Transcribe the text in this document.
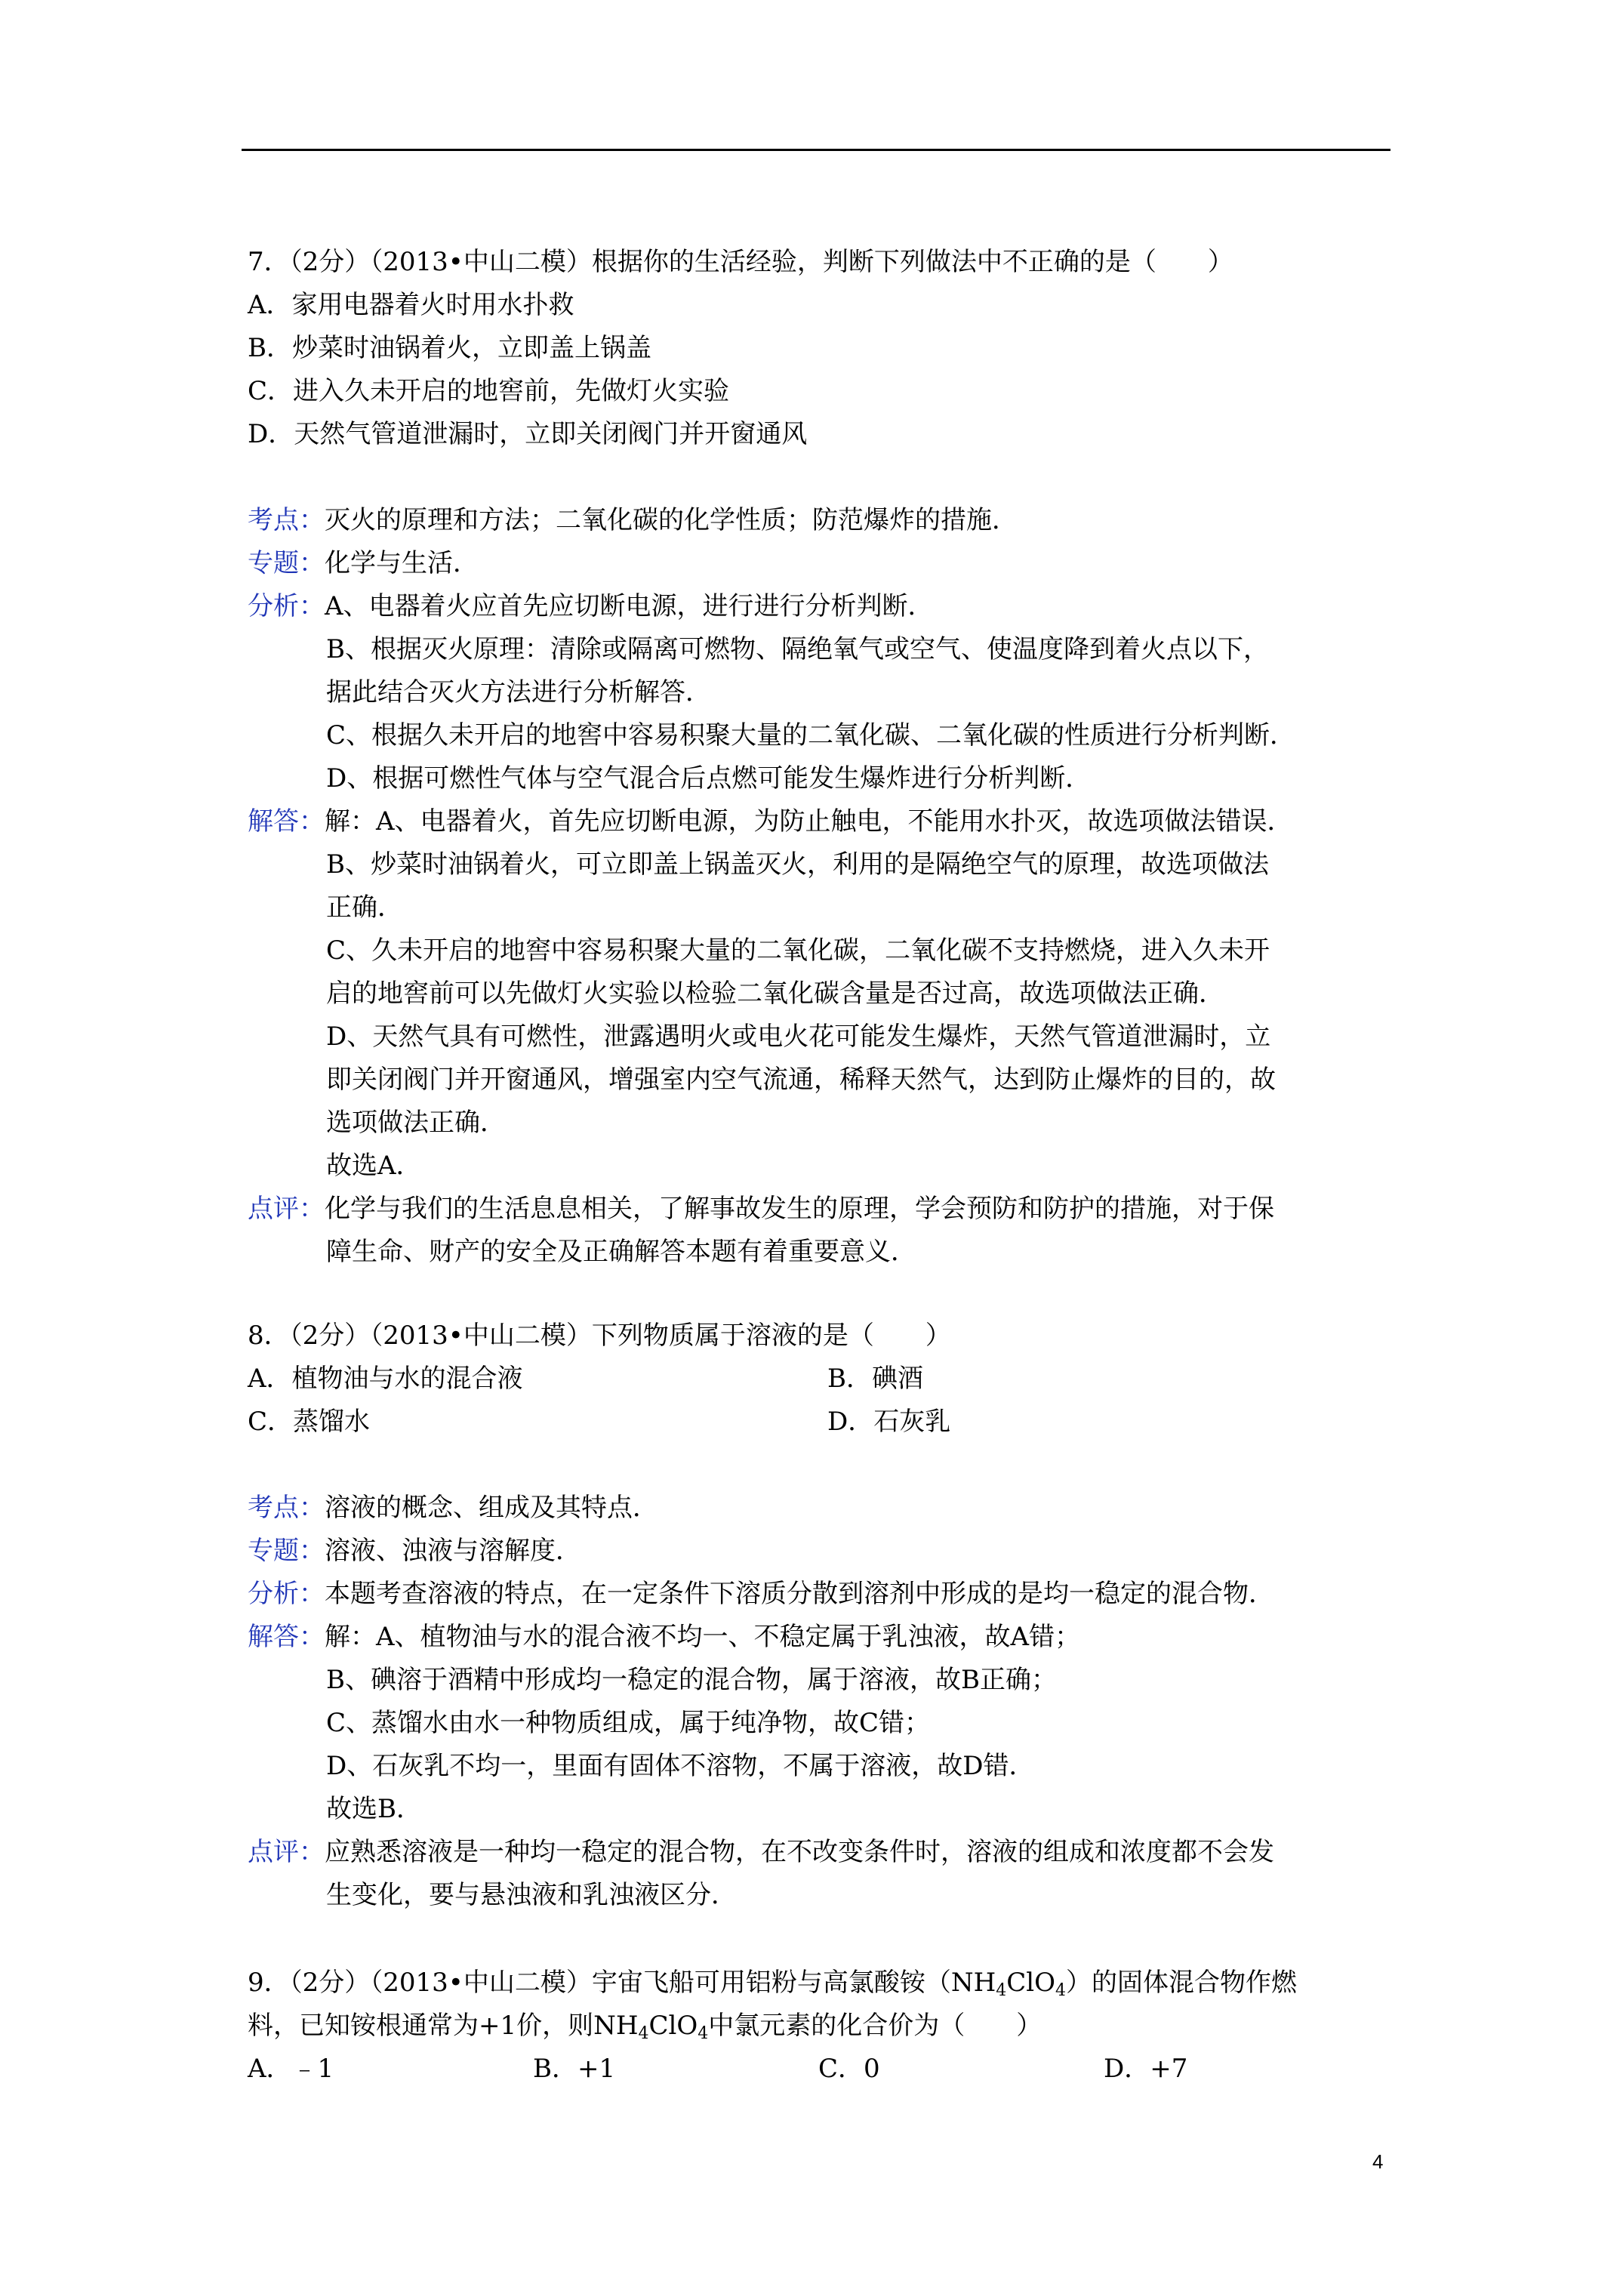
7．（2分）（2013•中山二模）根据你的生活经验，判断下列做法中不正确的是（　　）
A．家用电器着火时用水扑救
B．炒菜时油锅着火，立即盖上锅盖
C．进入久未开启的地窖前，先做灯火实验
D．天然气管道泄漏时，立即关闭阀门并开窗通风
考点：灭火的原理和方法；二氧化碳的化学性质；防范爆炸的措施．
专题：化学与生活．
分析：A、电器着火应首先应切断电源，进行进行分析判断．
B、根据灭火原理：清除或隔离可燃物、隔绝氧气或空气、使温度降到着火点以下，
据此结合灭火方法进行分析解答．
C、根据久未开启的地窖中容易积聚大量的二氧化碳、二氧化碳的性质进行分析判断．
D、根据可燃性气体与空气混合后点燃可能发生爆炸进行分析判断．
解答：解：A、电器着火，首先应切断电源，为防止触电，不能用水扑灭，故选项做法错误．
B、炒菜时油锅着火，可立即盖上锅盖灭火，利用的是隔绝空气的原理，故选项做法
正确．
C、久未开启的地窖中容易积聚大量的二氧化碳，二氧化碳不支持燃烧，进入久未开
启的地窖前可以先做灯火实验以检验二氧化碳含量是否过高，故选项做法正确．
D、天然气具有可燃性，泄露遇明火或电火花可能发生爆炸，天然气管道泄漏时，立
即关闭阀门并开窗通风，增强室内空气流通，稀释天然气，达到防止爆炸的目的，故
选项做法正确．
故选A．
点评：化学与我们的生活息息相关，了解事故发生的原理，学会预防和防护的措施，对于保
障生命、财产的安全及正确解答本题有着重要意义．
8．（2分）（2013•中山二模）下列物质属于溶液的是（　　）
A．植物油与水的混合液	B．碘酒
C．蒸馏水	D．石灰乳
考点：溶液的概念、组成及其特点．
专题：溶液、浊液与溶解度．
分析：本题考查溶液的特点，在一定条件下溶质分散到溶剂中形成的是均一稳定的混合物．
解答：解：A、植物油与水的混合液不均一、不稳定属于乳浊液，故A错；
B、碘溶于酒精中形成均一稳定的混合物，属于溶液，故B正确；
C、蒸馏水由水一种物质组成，属于纯净物，故C错；
D、石灰乳不均一，里面有固体不溶物，不属于溶液，故D错．
故选B．
点评：应熟悉溶液是一种均一稳定的混合物，在不改变条件时，溶液的组成和浓度都不会发
生变化，要与悬浊液和乳浊液区分．
9．（2分）（2013•中山二模）宇宙飞船可用铝粉与高氯酸铵$(NH_4ClO_4)$的固体混合物作燃
料，已知铵根通常为+1价，则$NH_4ClO_4$中氯元素的化合价为（　　）
A．﹣1	B．+1	C．0	D．+7
4
